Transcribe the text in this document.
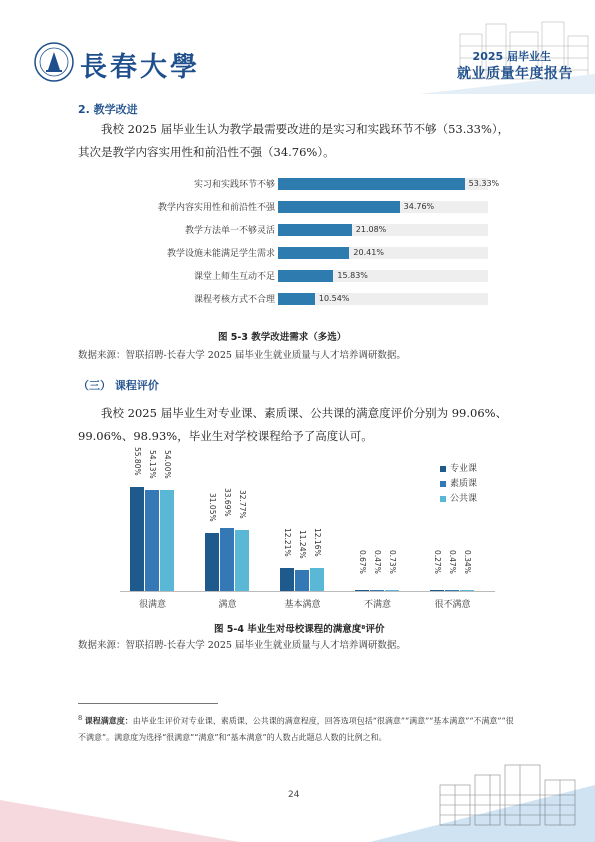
長春大學	2025 届毕业生
就业质量年度报告
2. 教学改进
我校 2025 届毕业生认为教学最需要改进的是实习和实践环节不够（53.33%），其次是教学内容实用性和前沿性不强（34.76%）。
实习和实践环节不够	53.33%
教学内容实用性和前沿性不强	34.76%
教学方法单一不够灵活	21.08%
教学设施未能满足学生需求	20.41%
课堂上师生互动不足	15.83%
课程考核方式不合理	10.54%
图 5-3 教学改进需求（多选）
数据来源：智联招聘-长春大学 2025 届毕业生就业质量与人才培养调研数据。
（三） 课程评价
我校 2025 届毕业生对专业课、素质课、公共课的满意度评价分别为 99.06%、99.06%、98.93%，毕业生对学校课程给予了高度认可。
55.80% 54.13% 54.00%
很满意
31.05% 33.69% 32.77%
满意
12.21% 11.24% 12.16%
基本满意
0.67% 0.47% 0.73%
不满意
0.27% 0.47% 0.34%
很不满意
专业课
素质课
公共课
图 5-4 毕业生对母校课程的满意度⁸评价
数据来源：智联招聘-长春大学 2025 届毕业生就业质量与人才培养调研数据。
$^8$ 课程满意度：由毕业生评价对专业课、素质课、公共课的满意程度，回答选项包括“很满意”“满意”“基本满意”“不满意”“很不满意”。满意度为选择“很满意”“满意”和“基本满意”的人数占此题总人数的比例之和。
24
